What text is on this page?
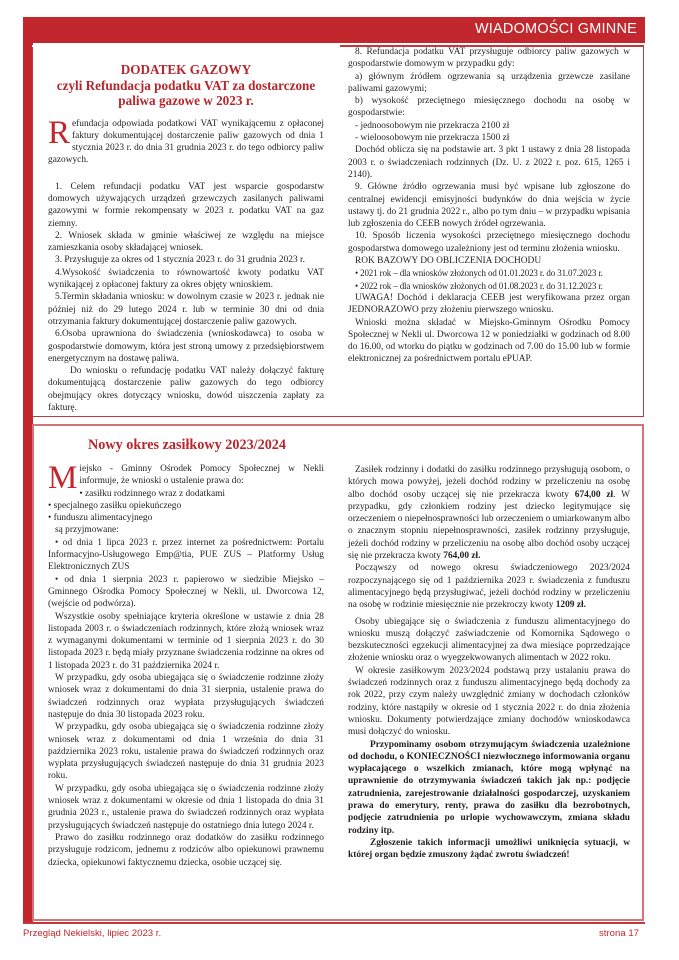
WIADOMOŚCI GMINNE
DODATEK GAZOWY
czyli Refundacja podatku VAT za dostarczone
paliwa gazowe w 2023 r.

Refundacja odpowiada podatkowi VAT wynikającemu z opłaconej faktury dokumentującej dostarczenie paliw gazowych od dnia 1 stycznia 2023 r. do dnia 31 grudnia 2023 r. do tego odbiorcy paliw gazowych.

1. Celem refundacji podatku VAT jest wsparcie gospodarstw domowych używających urządzeń grzewczych zasilanych paliwami gazowymi w formie rekompensaty w 2023 r. podatku VAT na gaz ziemny.

2. Wniosek składa w gminie właściwej ze względu na miejsce zamieszkania osoby składającej wniosek.

3. Przysługuje za okres od 1 stycznia 2023 r. do 31 grudnia 2023 r.

4.Wysokość świadczenia to równowartość kwoty podatku VAT wynikającej z opłaconej faktury za okres objęty wnioskiem.

5.Termin składania wniosku: w dowolnym czasie w 2023 r. jednak nie później niż do 29 lutego 2024 r. lub w terminie 30 dni od dnia otrzymania faktury dokumentującej dostarczenie paliw gazowych.

6.Osoba uprawniona do świadczenia (wnioskodawca) to osoba w gospodarstwie domowym, która jest stroną umowy z przedsiębiorstwem energetycznym na dostawę paliwa.

Do wniosku o refundację podatku VAT należy dołączyć fakturę dokumentującą dostarczenie paliw gazowych do tego odbiorcy obejmujący okres dotyczący wniosku, dowód uiszczenia zapłaty za fakturę.

8. Refundacja podatku VAT przysługuje odbiorcy paliw gazowych w gospodarstwie domowym w przypadku gdy:

a) głównym źródłem ogrzewania są urządzenia grzewcze zasilane paliwami gazowymi;

b) wysokość przeciętnego miesięcznego dochodu na osobę w gospodarstwie:

- jednoosobowym nie przekracza 2100 zł

- wieloosobowym nie przekracza 1500 zł

Dochód oblicza się na podstawie art. 3 pkt 1 ustawy z dnia 28 listopada 2003 r. o świadczeniach rodzinnych (Dz. U. z 2022 r. poz. 615, 1265 i 2140).

9. Główne źródło ogrzewania musi być wpisane lub zgłoszone do centralnej ewidencji emisyjności budynków do dnia wejścia w życie ustawy tj. do 21 grudnia 2022 r., albo po tym dniu – w przypadku wpisania lub zgłoszenia do CEEB nowych źródeł ogrzewania.

10. Sposób liczenia wysokości przeciętnego miesięcznego dochodu gospodarstwa domowego uzależniony jest od terminu złożenia wniosku.

ROK BAZOWY DO OBLICZENIA DOCHODU

• 2021 rok – dla wniosków złożonych od 01.01.2023 r. do 31.07.2023 r.

• 2022 rok – dla wniosków złożonych od 01.08.2023 r. do 31.12.2023 r.

UWAGA! Dochód i deklaracja CEEB jest weryfikowana przez organ JEDNORAZOWO przy złożeniu pierwszego wniosku.

Wnioski można składać w Miejsko-Gminnym Ośrodku Pomocy Społecznej w Nekli ul. Dworcowa 12 w poniedziałki w godzinach od 8.00 do 16.00, od wtorku do piątku w godzinach od 7.00 do 15.00 lub w formie elektronicznej za pośrednictwem portalu ePUAP.

Nowy okres zasiłkowy 2023/2024

Miejsko - Gminny Ośrodek Pomocy Społecznej w Nekli informuje, że wnioski o ustalenie prawa do:

• zasiłku rodzinnego wraz z dodatkami

• specjalnego zasiłku opiekuńczego

• funduszu alimentacyjnego

są przyjmowane:

• od dnia 1 lipca 2023 r. przez internet za pośrednictwem: Portalu Informacyjno-Usługowego Emp@tia, PUE ZUS – Platformy Usług Elektronicznych ZUS

• od dnia 1 sierpnia 2023 r. papierowo w siedzibie Miejsko – Gminnego Ośrodka Pomocy Społecznej w Nekli, ul. Dworcowa 12, (wejście od podwórza).

Wszystkie osoby spełniające kryteria określone w ustawie z dnia 28 listopada 2003 r. o świadczeniach rodzinnych, które złożą wniosek wraz z wymaganymi dokumentami w terminie od 1 sierpnia 2023 r. do 30 listopada 2023 r. będą miały przyznane świadczenia rodzinne na okres od 1 listopada 2023 r. do 31 października 2024 r.

W przypadku, gdy osoba ubiegająca się o świadczenie rodzinne złoży wniosek wraz z dokumentami do dnia 31 sierpnia, ustalenie prawa do świadczeń rodzinnych oraz wypłata przysługujących świadczeń następuje do dnia 30 listopada 2023 roku.

W przypadku, gdy osoba ubiegająca się o świadczenia rodzinne złoży wniosek wraz z dokumentami od dnia 1 września do dnia 31 października 2023 roku, ustalenie prawa do świadczeń rodzinnych oraz wypłata przysługujących świadczeń następuje do dnia 31 grudnia 2023 roku.

W przypadku, gdy osoba ubiegająca się o świadczenia rodzinne złoży wniosek wraz z dokumentami w okresie od dnia 1 listopada do dnia 31 grudnia 2023 r., ustalenie prawa do świadczeń rodzinnych oraz wypłata przysługujących świadczeń następuje do ostatniego dnia lutego 2024 r.

Prawo do zasiłku rodzinnego oraz dodatków do zasiłku rodzinnego przysługuje rodzicom, jednemu z rodziców albo opiekunowi prawnemu dziecka, opiekunowi faktycznemu dziecka, osobie uczącej się.

Zasiłek rodzinny i dodatki do zasiłku rodzinnego przysługują osobom, o których mowa powyżej, jeżeli dochód rodziny w przeliczeniu na osobę albo dochód osoby uczącej się nie przekracza kwoty 674,00 zł. W przypadku, gdy członkiem rodziny jest dziecko legitymujące się orzeczeniem o niepełnosprawności lub orzeczeniem o umiarkowanym albo o znacznym stopniu niepełnosprawności, zasiłek rodzinny przysługuje, jeżeli dochód rodziny w przeliczeniu na osobę albo dochód osoby uczącej się nie przekracza kwoty 764,00 zł.

Począwszy od nowego okresu świadczeniowego 2023/2024 rozpoczynającego się od 1 października 2023 r. świadczenia z funduszu alimentacyjnego będą przysługiwać, jeżeli dochód rodziny w przeliczeniu na osobę w rodzinie miesięcznie nie przekroczy kwoty 1209 zł.

Osoby ubiegające się o świadczenia z funduszu alimentacyjnego do wniosku muszą dołączyć zaświadczenie od Komornika Sądowego o bezskuteczności egzekucji alimentacyjnej za dwa miesiące poprzedzające złożenie wniosku oraz o wyegzekwowanych alimentach w 2022 roku.

W okresie zasiłkowym 2023/2024 podstawą przy ustalaniu prawa do świadczeń rodzinnych oraz z funduszu alimentacyjnego będą dochody za rok 2022, przy czym należy uwzględnić zmiany w dochodach członków rodziny, które nastąpiły w okresie od 1 stycznia 2022 r. do dnia złożenia wniosku. Dokumenty potwierdzające zmiany dochodów wnioskodawca musi dołączyć do wniosku.

Przypominamy osobom otrzymującym świadczenia uzależnione od dochodu, o KONIECZNOŚCI niezwłocznego informowania organu wypłacającego o wszelkich zmianach, które mogą wpłynąć na uprawnienie do otrzymywania świadczeń takich jak np.: podjęcie zatrudnienia, zarejestrowanie działalności gospodarczej, uzyskaniem prawa do emerytury, renty, prawa do zasiłku dla bezrobotnych, podjęcie zatrudnienia po urlopie wychowawczym, zmiana składu rodziny itp.

Zgłoszenie takich informacji umożliwi uniknięcia sytuacji, w której organ będzie zmuszony żądać zwrotu świadczeń!

Przegląd Nekielski, lipiec 2023 r.	strona 17
